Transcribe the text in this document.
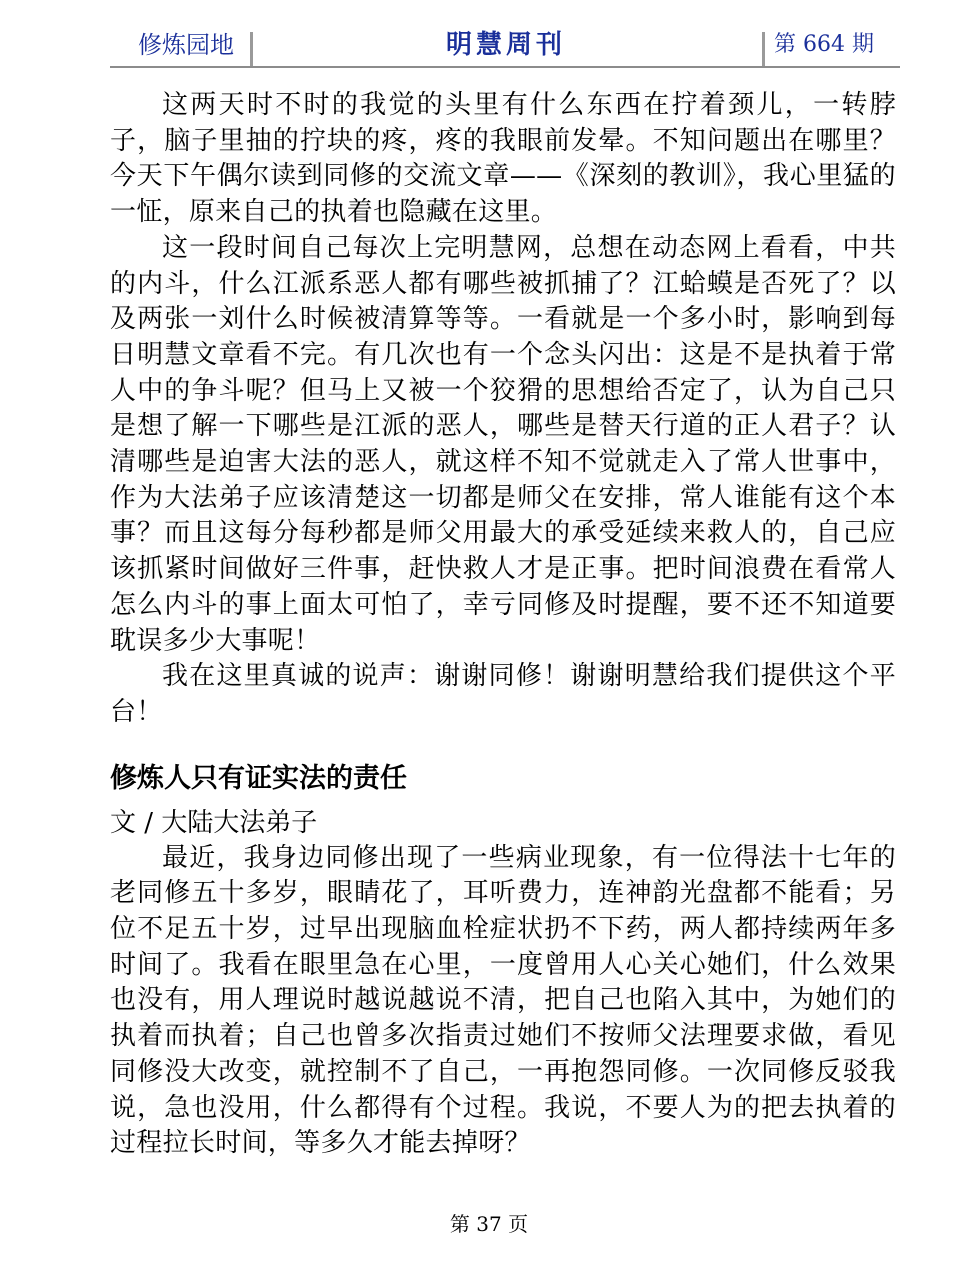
修炼园地	明慧周刊	第 664 期

这两天时不时的我觉的头里有什么东西在拧着颈儿，一转脖子，脑子里抽的拧块的疼，疼的我眼前发晕。不知问题出在哪里？今天下午偶尔读到同修的交流文章——《深刻的教训》，我心里猛的一怔，原来自己的执着也隐藏在这里。

这一段时间自己每次上完明慧网，总想在动态网上看看，中共的内斗，什么江派系恶人都有哪些被抓捕了？江蛤蟆是否死了？以及两张一刘什么时候被清算等等。一看就是一个多小时，影响到每日明慧文章看不完。有几次也有一个念头闪出：这是不是执着于常人中的争斗呢？但马上又被一个狡猾的思想给否定了，认为自己只是想了解一下哪些是江派的恶人，哪些是替天行道的正人君子？认清哪些是迫害大法的恶人，就这样不知不觉就走入了常人世事中，作为大法弟子应该清楚这一切都是师父在安排，常人谁能有这个本事？而且这每分每秒都是师父用最大的承受延续来救人的，自己应该抓紧时间做好三件事，赶快救人才是正事。把时间浪费在看常人怎么内斗的事上面太可怕了，幸亏同修及时提醒，要不还不知道要耽误多少大事呢！

我在这里真诚的说声：谢谢同修！谢谢明慧给我们提供这个平台！

修炼人只有证实法的责任

文 / 大陆大法弟子

最近，我身边同修出现了一些病业现象，有一位得法十七年的老同修五十多岁，眼睛花了，耳听费力，连神韵光盘都不能看；另位不足五十岁，过早出现脑血栓症状扔不下药，两人都持续两年多时间了。我看在眼里急在心里，一度曾用人心关心她们，什么效果也没有，用人理说时越说越说不清，把自己也陷入其中，为她们的执着而执着；自己也曾多次指责过她们不按师父法理要求做，看见同修没大改变，就控制不了自己，一再抱怨同修。一次同修反驳我说，急也没用，什么都得有个过程。我说，不要人为的把去执着的过程拉长时间，等多久才能去掉呀？

第 37 页
